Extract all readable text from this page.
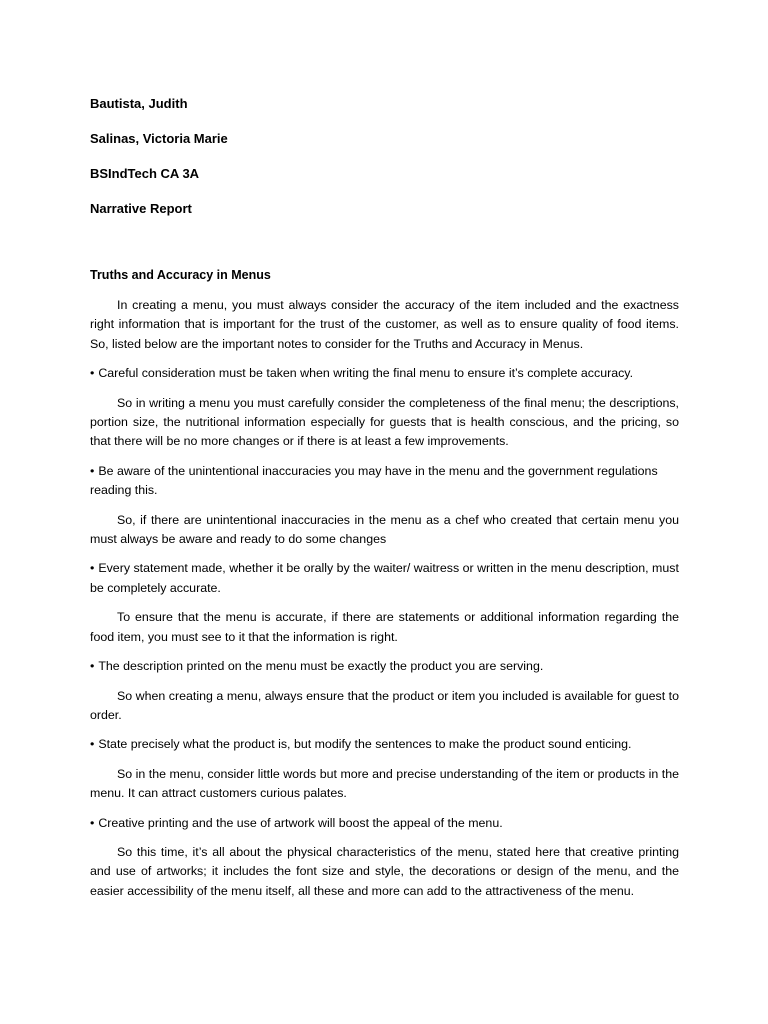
Bautista, Judith

Salinas, Victoria Marie

BSIndTech CA 3A

Narrative Report

Truths and Accuracy in Menus

In creating a menu, you must always consider the accuracy of the item included and the exactness right information that is important for the trust of the customer, as well as to ensure quality of food items. So, listed below are the important notes to consider for the Truths and Accuracy in Menus.

• Careful consideration must be taken when writing the final menu to ensure it’s complete accuracy.

So in writing a menu you must carefully consider the completeness of the final menu; the descriptions, portion size, the nutritional information especially for guests that is health conscious, and the pricing, so that there will be no more changes or if there is at least a few improvements.

• Be aware of the unintentional inaccuracies you may have in the menu and the government regulations reading this.

So, if there are unintentional inaccuracies in the menu as a chef who created that certain menu you must always be aware and ready to do some changes

• Every statement made, whether it be orally by the waiter/ waitress or written in the menu description, must be completely accurate.

To ensure that the menu is accurate, if there are statements or additional information regarding the food item, you must see to it that the information is right.

• The description printed on the menu must be exactly the product you are serving.

So when creating a menu, always ensure that the product or item you included is available for guest to order.

• State precisely what the product is, but modify the sentences to make the product sound enticing.

So in the menu, consider little words but more and precise understanding of the item or products in the menu. It can attract customers curious palates.

• Creative printing and the use of artwork will boost the appeal of the menu.

So this time, it’s all about the physical characteristics of the menu, stated here that creative printing and use of artworks; it includes the font size and style, the decorations or design of the menu, and the easier accessibility of the menu itself, all these and more can add to the attractiveness of the menu.
